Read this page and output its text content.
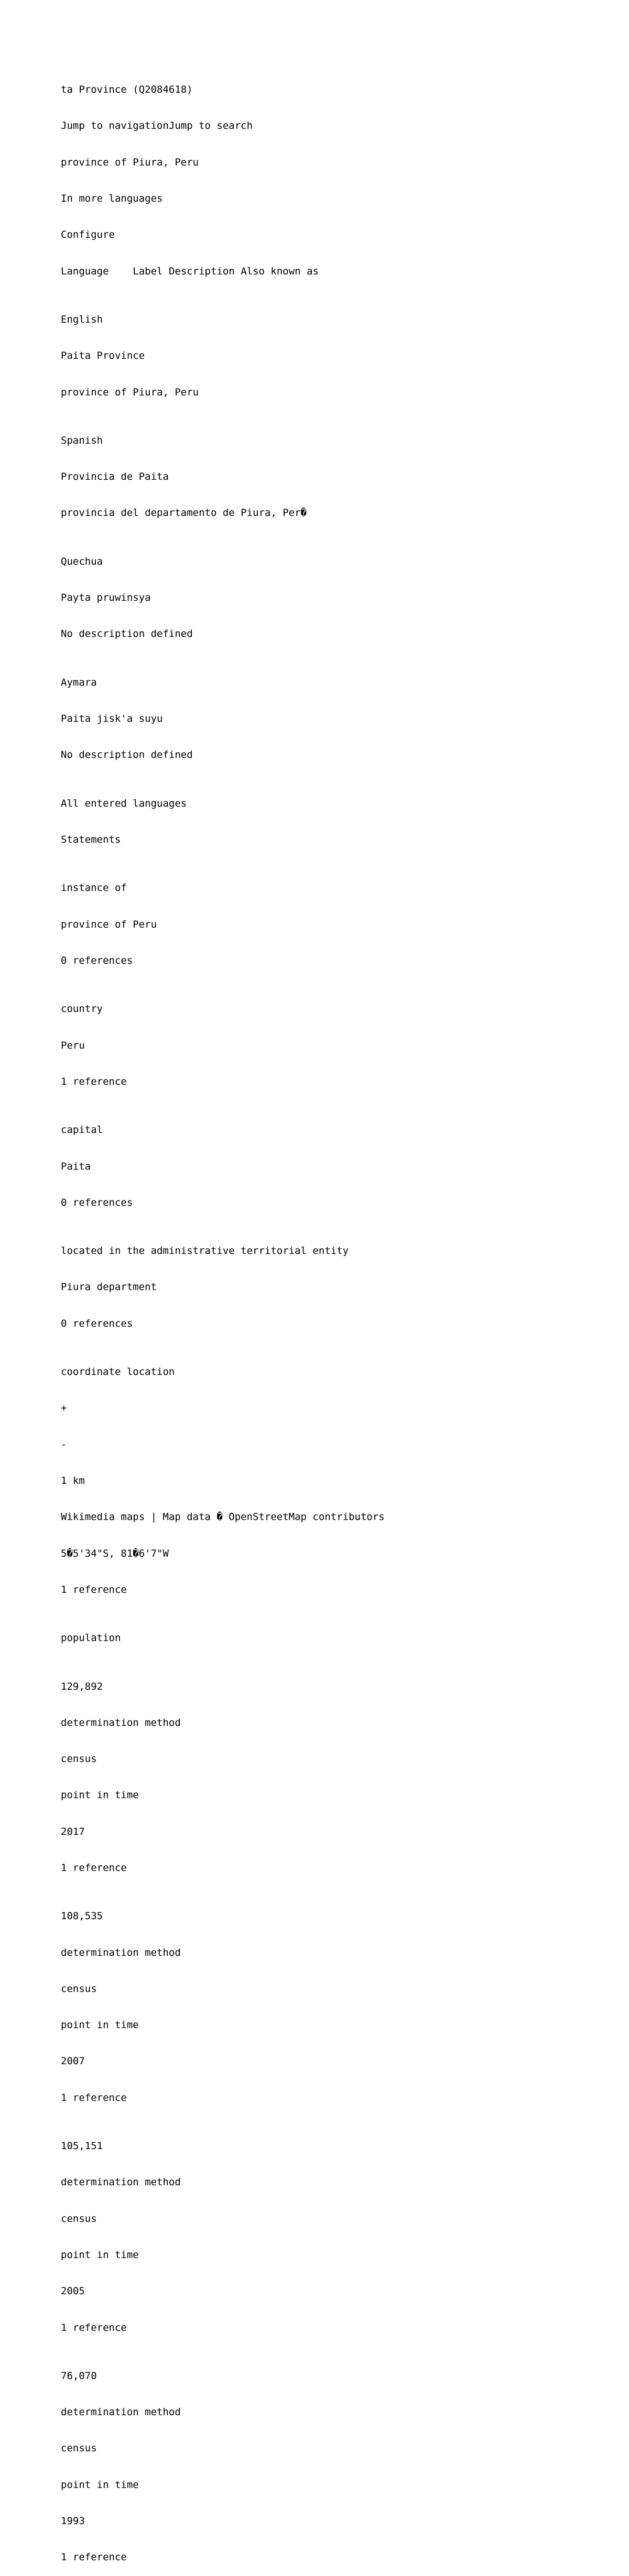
ta Province (Q2084618)

Jump to navigationJump to search

province of Piura, Peru

In more languages

Configure

Language Label Description Also known as

English

Paita Province

province of Piura, Peru

Spanish

Provincia de Paita

provincia del departamento de Piura, Per�

Quechua

Payta pruwinsya

No description defined

Aymara

Paita jisk'a suyu

No description defined

All entered languages

Statements

instance of

province of Peru

0 references

country

Peru

1 reference

capital

Paita

0 references

located in the administrative territorial entity

Piura department

0 references

coordinate location

+

-

1 km

Wikimedia maps | Map data � OpenStreetMap contributors

5�5'34"S, 81�6'7"W

1 reference

population

129,892

determination method

census

point in time

2017

1 reference

108,535

determination method

census

point in time

2007

1 reference

105,151

determination method

census

point in time

2005

1 reference

76,070

determination method

census

point in time

1993

1 reference
